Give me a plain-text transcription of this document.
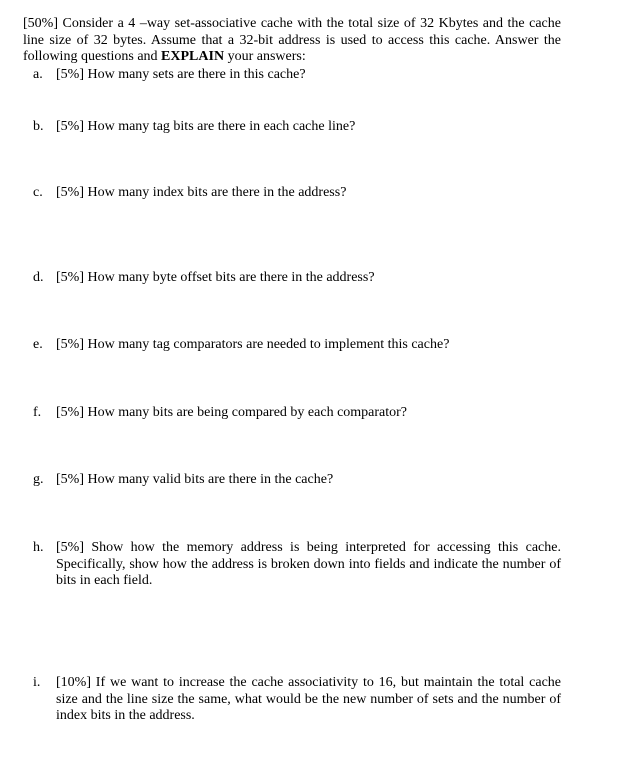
[50%] Consider a 4 –way set-associative cache with the total size of 32 Kbytes and the cache line size of 32 bytes. Assume that a 32-bit address is used to access this cache. Answer the following questions and EXPLAIN your answers:

a. [5%] How many sets are there in this cache?
b. [5%] How many tag bits are there in each cache line?
c. [5%] How many index bits are there in the address?
d. [5%] How many byte offset bits are there in the address?
e. [5%] How many tag comparators are needed to implement this cache?
f. [5%] How many bits are being compared by each comparator?
g. [5%] How many valid bits are there in the cache?
h. [5%] Show how the memory address is being interpreted for accessing this cache. Specifically, show how the address is broken down into fields and indicate the number of bits in each field.
i. [10%] If we want to increase the cache associativity to 16, but maintain the total cache size and the line size the same, what would be the new number of sets and the number of index bits in the address.
